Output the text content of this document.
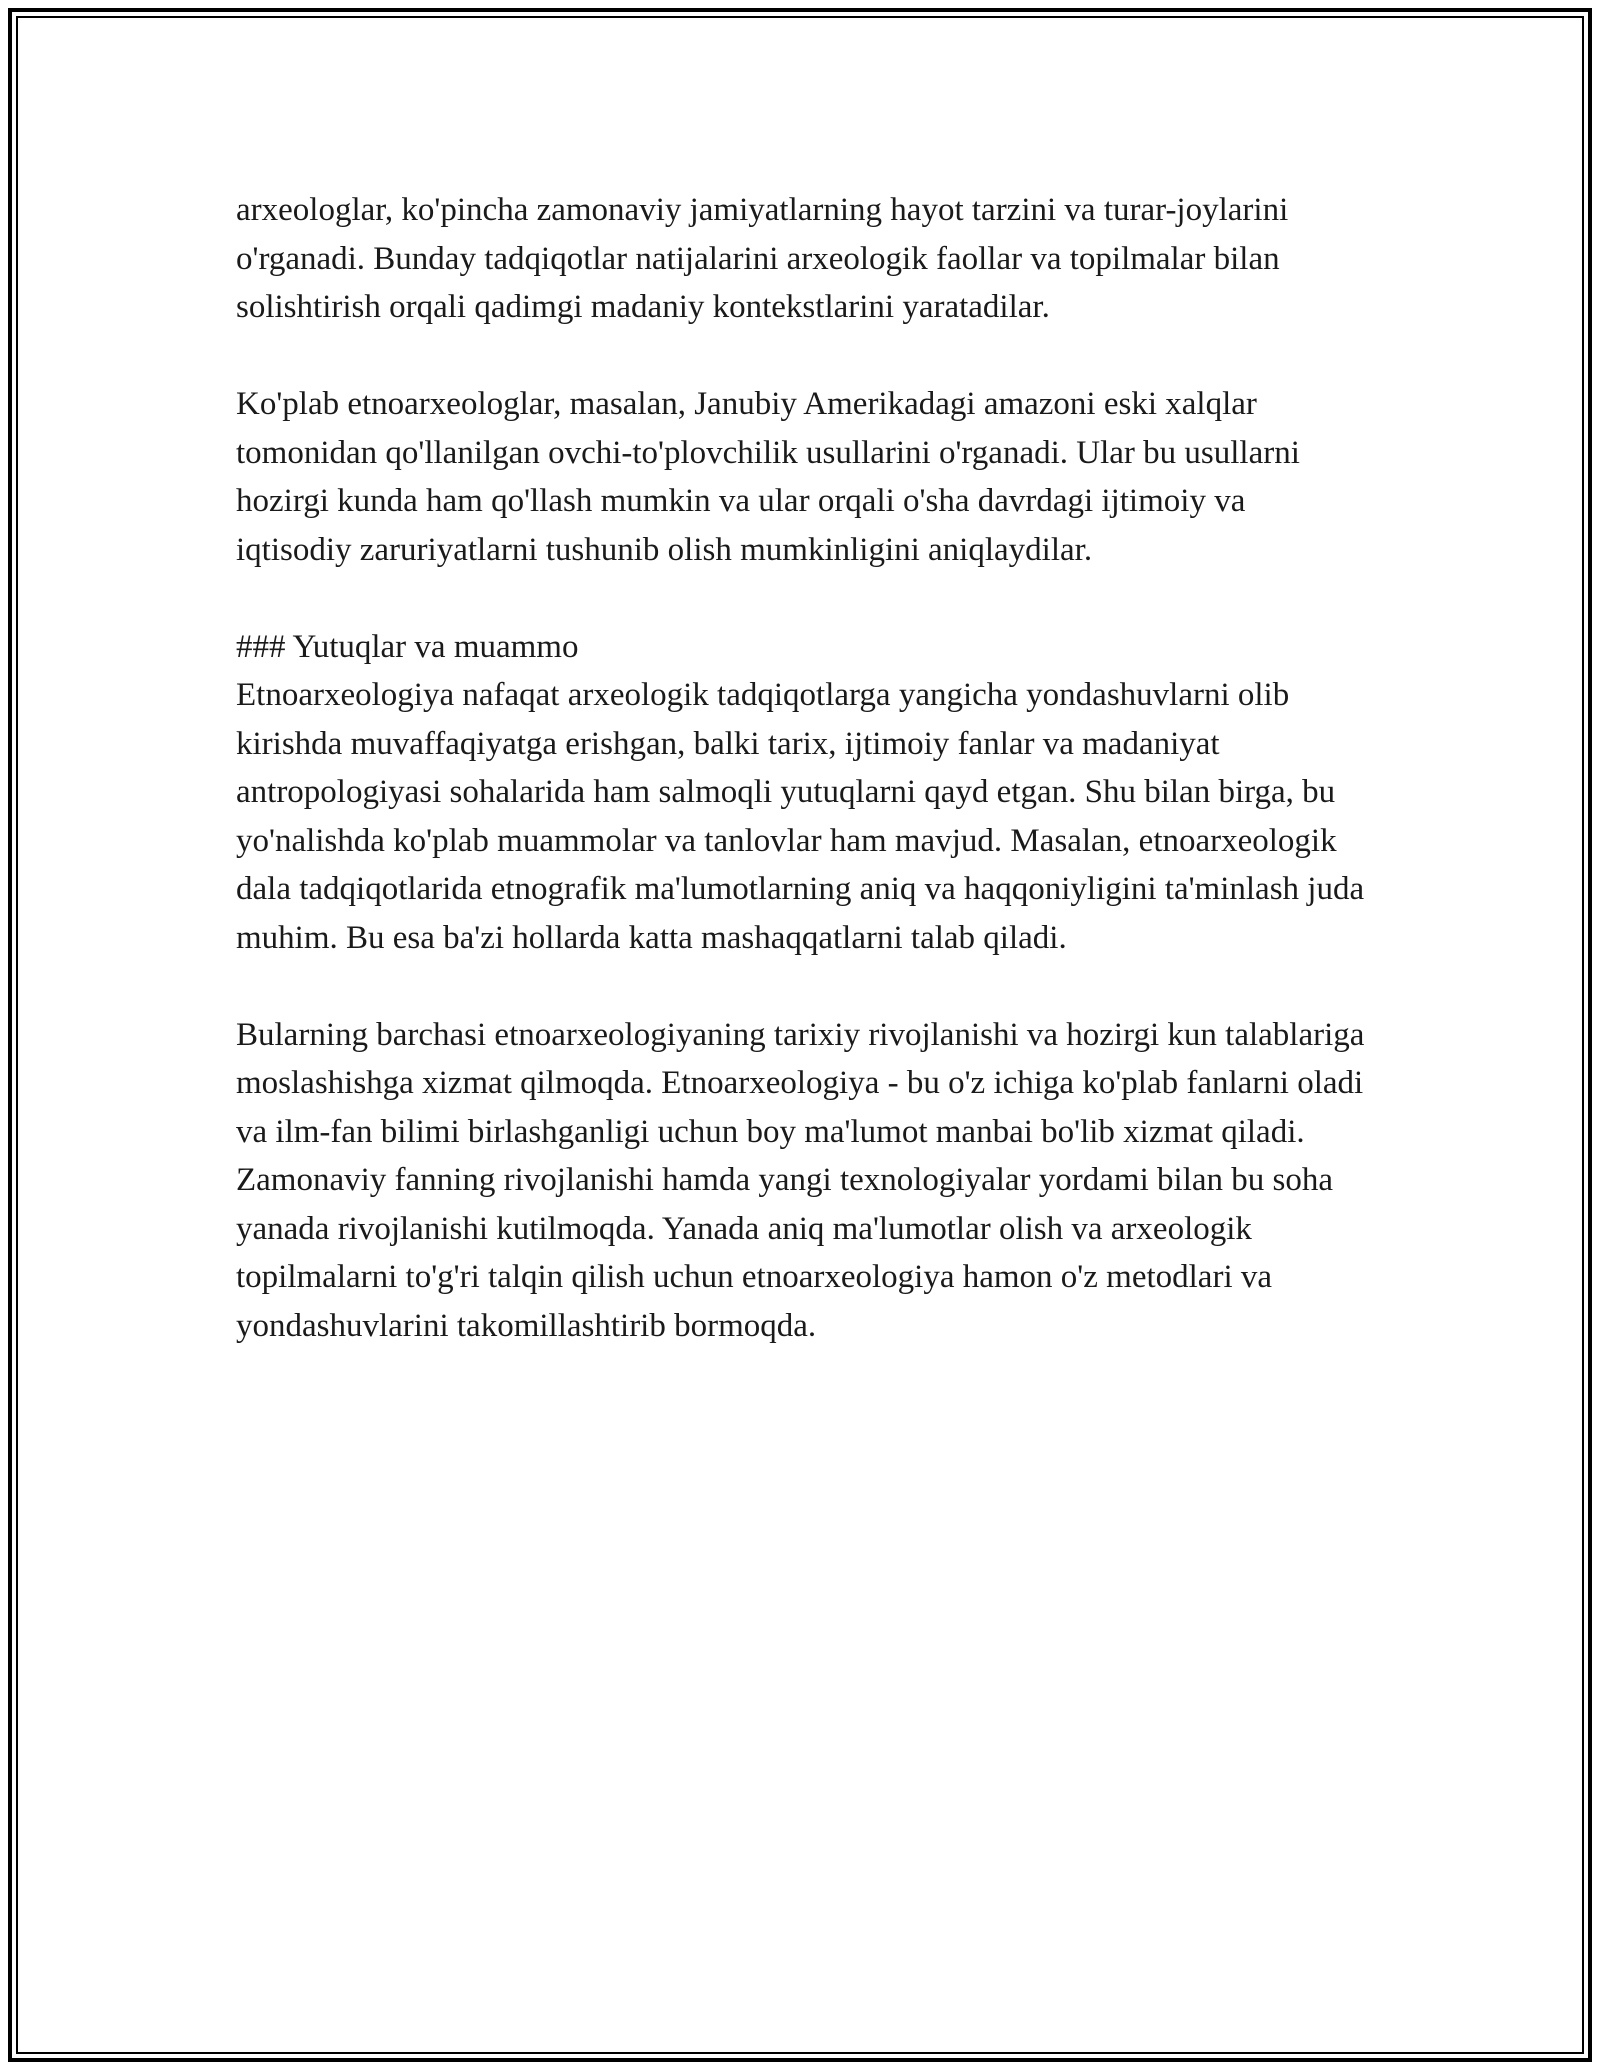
arxeologlar, ko'pincha zamonaviy jamiyatlarning hayot tarzini va turar-joylarini o'rganadi. Bunday tadqiqotlar natijalarini arxeologik faollar va topilmalar bilan solishtirish orqali qadimgi madaniy kontekstlarini yaratadilar.

Ko'plab etnoarxeologlar, masalan, Janubiy Amerikadagi amazoni eski xalqlar tomonidan qo'llanilgan ovchi-to'plovchilik usullarini o'rganadi. Ular bu usullarni hozirgi kunda ham qo'llash mumkin va ular orqali o'sha davrdagi ijtimoiy va iqtisodiy zaruriyatlarni tushunib olish mumkinligini aniqlaydilar.

### Yutuqlar va muammo

Etnoarxeologiya nafaqat arxeologik tadqiqotlarga yangicha yondashuvlarni olib kirishda muvaffaqiyatga erishgan, balki tarix, ijtimoiy fanlar va madaniyat antropologiyasi sohalarida ham salmoqli yutuqlarni qayd etgan. Shu bilan birga, bu yo'nalishda ko'plab muammolar va tanlovlar ham mavjud. Masalan, etnoarxeologik dala tadqiqotlarida etnografik ma'lumotlarning aniq va haqqoniyligini ta'minlash juda muhim. Bu esa ba'zi hollarda katta mashaqqatlarni talab qiladi.

Bularning barchasi etnoarxeologiyaning tarixiy rivojlanishi va hozirgi kun talablariga moslashishga xizmat qilmoqda. Etnoarxeologiya - bu o'z ichiga ko'plab fanlarni oladi va ilm-fan bilimi birlashganligi uchun boy ma'lumot manbai bo'lib xizmat qiladi. Zamonaviy fanning rivojlanishi hamda yangi texnologiyalar yordami bilan bu soha yanada rivojlanishi kutilmoqda. Yanada aniq ma'lumotlar olish va arxeologik topilmalarni to'g'ri talqin qilish uchun etnoarxeologiya hamon o'z metodlari va yondashuvlarini takomillashtirib bormoqda.
